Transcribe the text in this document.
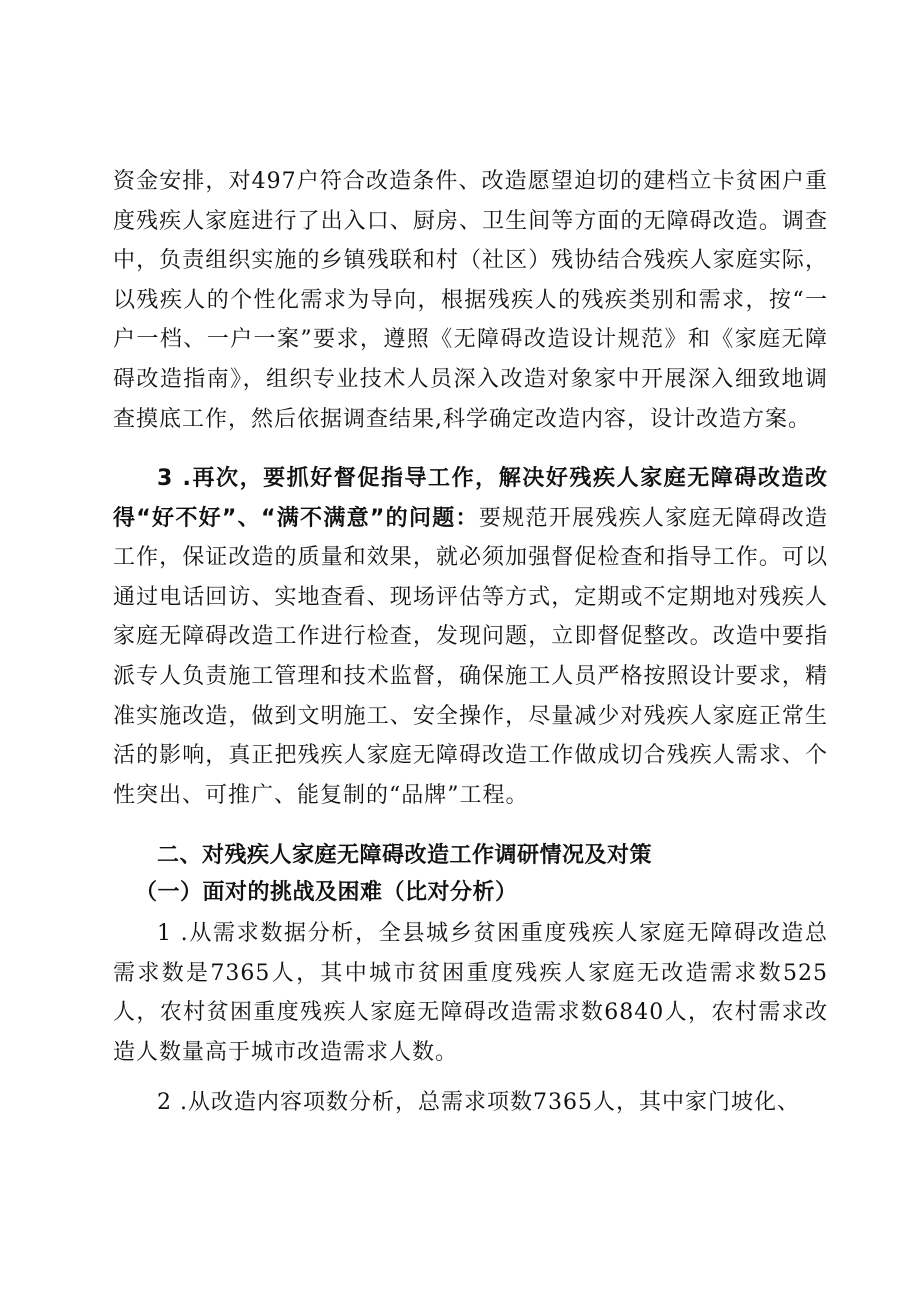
资金安排，对497户符合改造条件、改造愿望迫切的建档立卡贫困户重度残疾人家庭进行了出入口、厨房、卫生间等方面的无障碍改造。调查中，负责组织实施的乡镇残联和村（社区）残协结合残疾人家庭实际，以残疾人的个性化需求为导向，根据残疾人的残疾类别和需求，按“一户一档、一户一案”要求，遵照《无障碍改造设计规范》和《家庭无障碍改造指南》，组织专业技术人员深入改造对象家中开展深入细致地调查摸底工作，然后依据调查结果,科学确定改造内容，设计改造方案。

3 .再次，要抓好督促指导工作，解决好残疾人家庭无障碍改造改得“好不好”、“满不满意”的问题：要规范开展残疾人家庭无障碍改造工作，保证改造的质量和效果，就必须加强督促检查和指导工作。可以通过电话回访、实地查看、现场评估等方式，定期或不定期地对残疾人家庭无障碍改造工作进行检查，发现问题，立即督促整改。改造中要指派专人负责施工管理和技术监督，确保施工人员严格按照设计要求，精准实施改造，做到文明施工、安全操作，尽量减少对残疾人家庭正常生活的影响，真正把残疾人家庭无障碍改造工作做成切合残疾人需求、个性突出、可推广、能复制的“品牌”工程。

二、对残疾人家庭无障碍改造工作调研情况及对策
（一）面对的挑战及困难（比对分析）

1 .从需求数据分析，全县城乡贫困重度残疾人家庭无障碍改造总需求数是7365人，其中城市贫困重度残疾人家庭无改造需求数525人，农村贫困重度残疾人家庭无障碍改造需求数6840人，农村需求改造人数量高于城市改造需求人数。

2 .从改造内容项数分析，总需求项数7365人，其中家门坡化、
